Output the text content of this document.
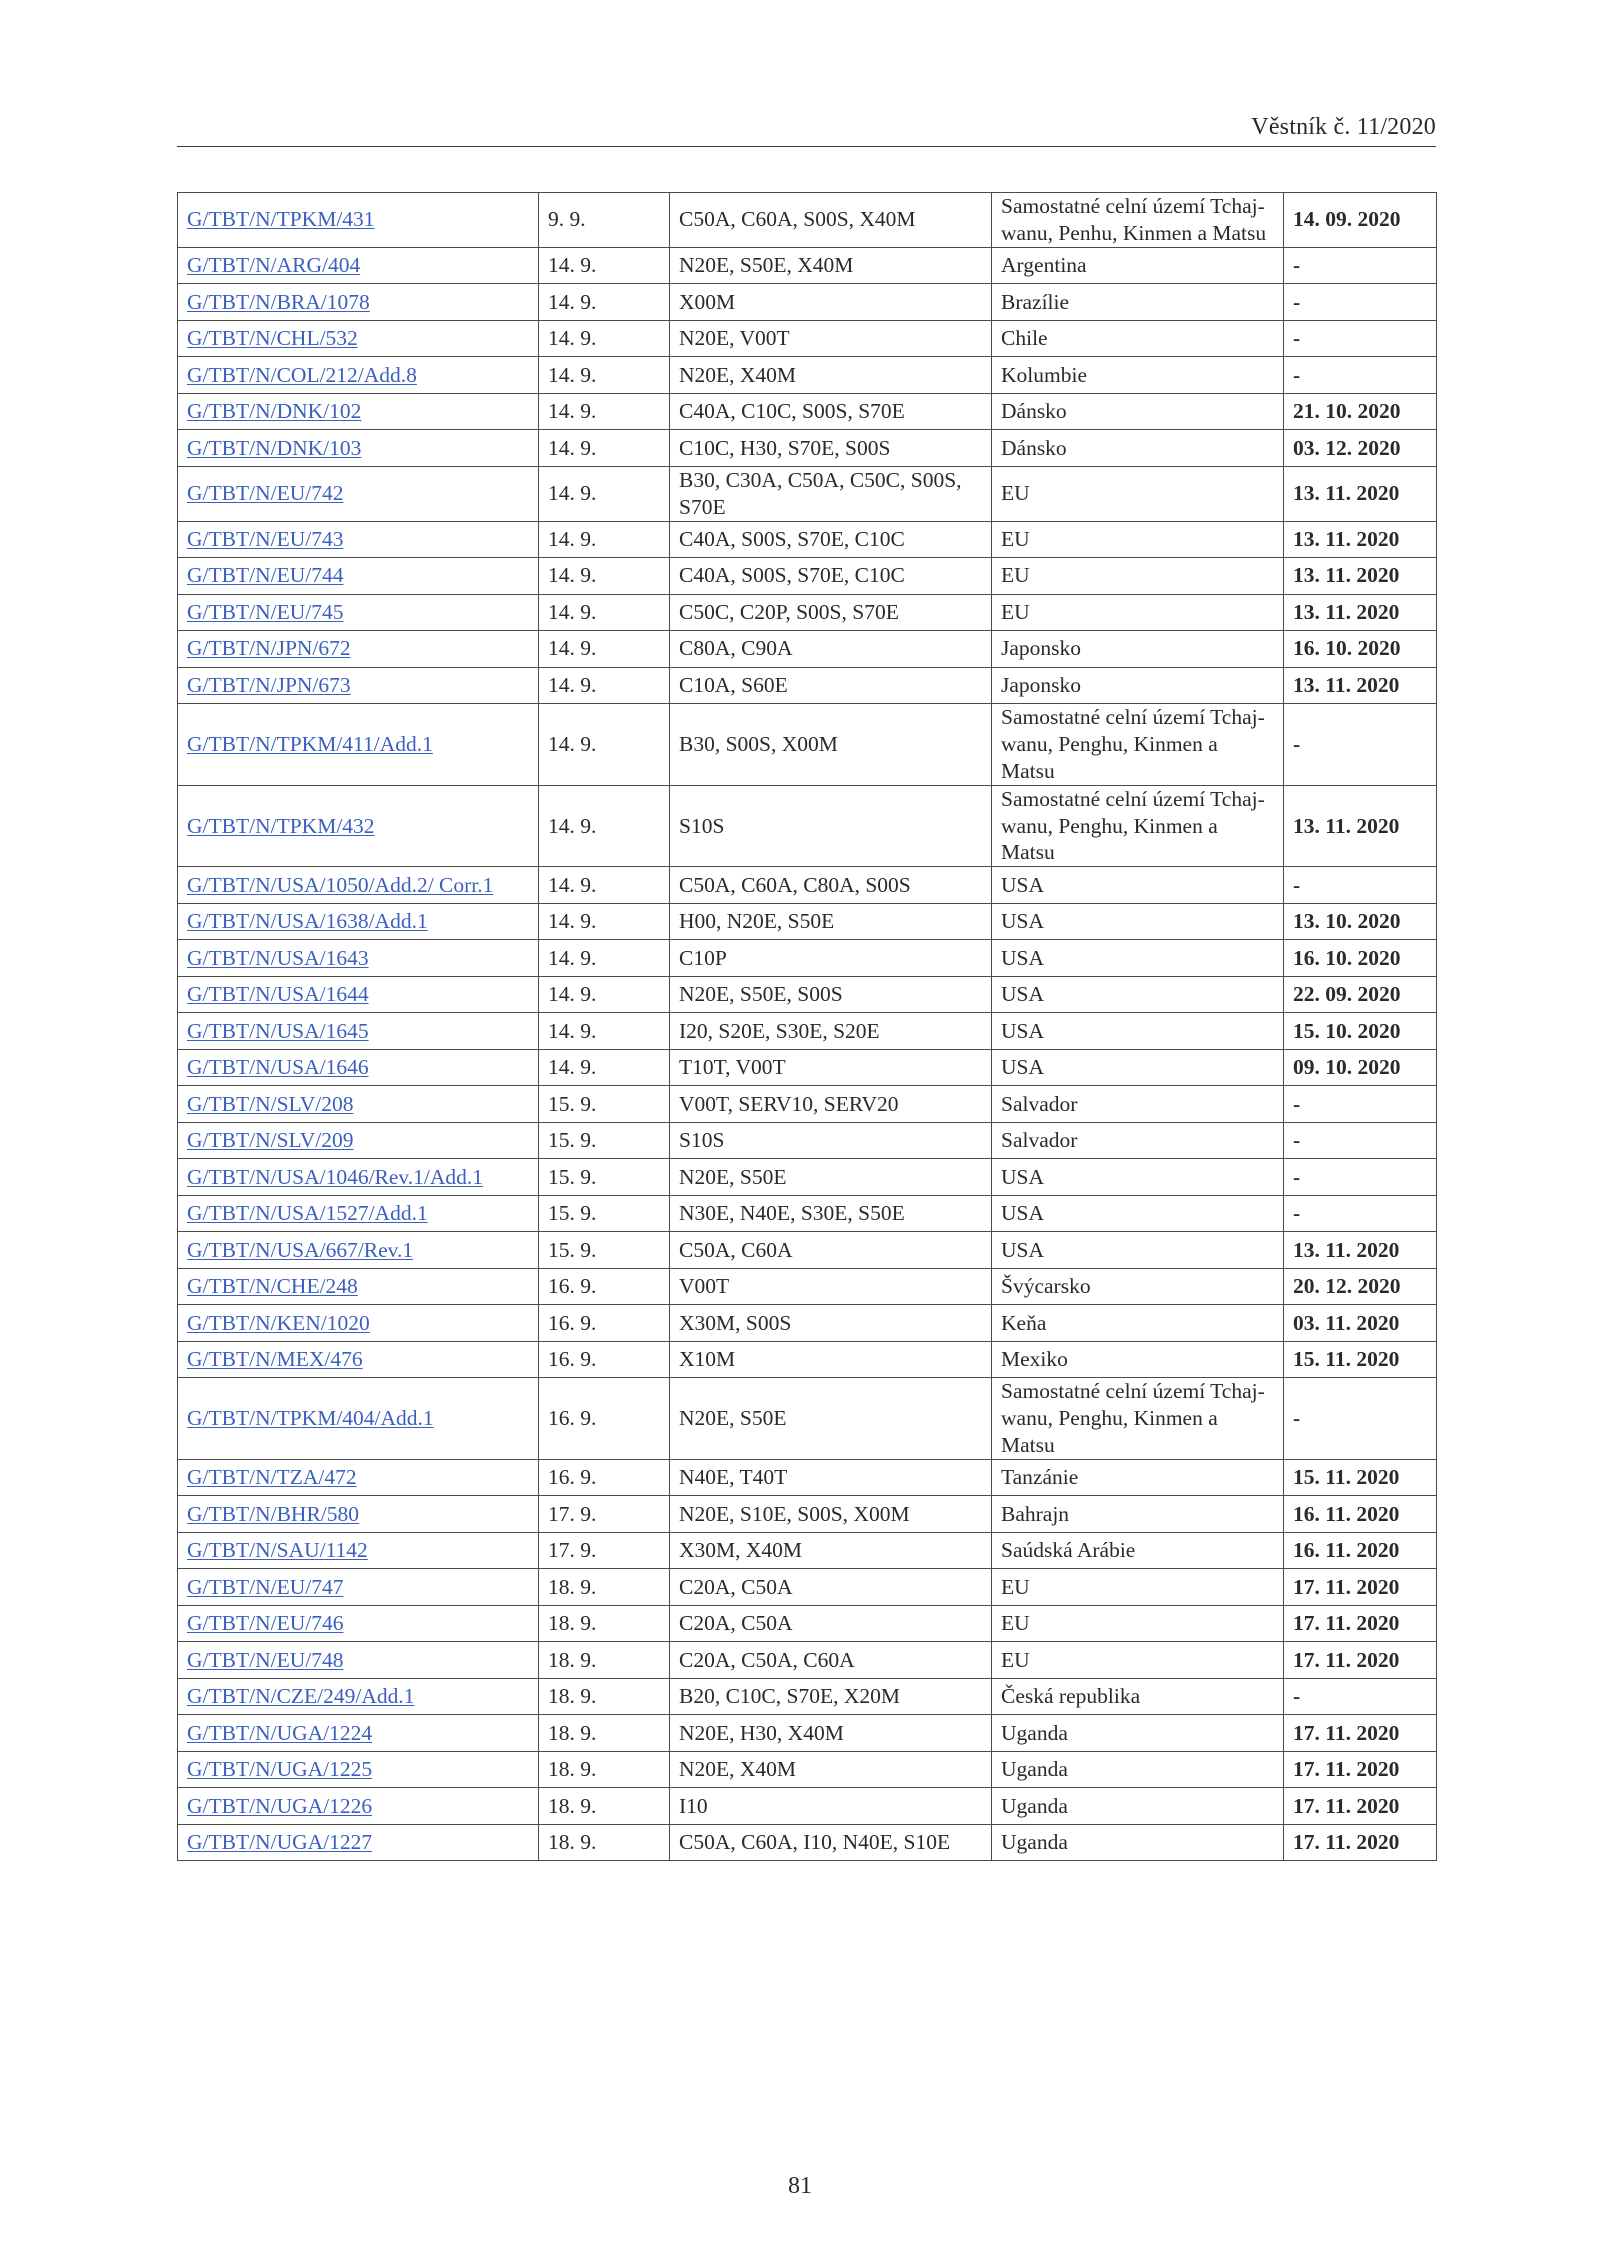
Věstník č. 11/2020
G/TBT/N/TPKM/431	9. 9.	C50A, C60A, S00S, X40M	Samostatné celní území Tchaj-wanu, Penhu, Kinmen a Matsu	14. 09. 2020
G/TBT/N/ARG/404	14. 9.	N20E, S50E, X40M	Argentina	-
G/TBT/N/BRA/1078	14. 9.	X00M	Brazílie	-
G/TBT/N/CHL/532	14. 9.	N20E, V00T	Chile	-
G/TBT/N/COL/212/Add.8	14. 9.	N20E, X40M	Kolumbie	-
G/TBT/N/DNK/102	14. 9.	C40A, C10C, S00S, S70E	Dánsko	21. 10. 2020
G/TBT/N/DNK/103	14. 9.	C10C, H30, S70E, S00S	Dánsko	03. 12. 2020
G/TBT/N/EU/742	14. 9.	B30, C30A, C50A, C50C, S00S, S70E	EU	13. 11. 2020
G/TBT/N/EU/743	14. 9.	C40A, S00S, S70E, C10C	EU	13. 11. 2020
G/TBT/N/EU/744	14. 9.	C40A, S00S, S70E, C10C	EU	13. 11. 2020
G/TBT/N/EU/745	14. 9.	C50C, C20P, S00S, S70E	EU	13. 11. 2020
G/TBT/N/JPN/672	14. 9.	C80A, C90A	Japonsko	16. 10. 2020
G/TBT/N/JPN/673	14. 9.	C10A, S60E	Japonsko	13. 11. 2020
G/TBT/N/TPKM/411/Add.1	14. 9.	B30, S00S, X00M	Samostatné celní území Tchaj-wanu, Penghu, Kinmen a Matsu	-
G/TBT/N/TPKM/432	14. 9.	S10S	Samostatné celní území Tchaj-wanu, Penghu, Kinmen a Matsu	13. 11. 2020
G/TBT/N/USA/1050/Add.2/ Corr.1	14. 9.	C50A, C60A, C80A, S00S	USA	-
G/TBT/N/USA/1638/Add.1	14. 9.	H00, N20E, S50E	USA	13. 10. 2020
G/TBT/N/USA/1643	14. 9.	C10P	USA	16. 10. 2020
G/TBT/N/USA/1644	14. 9.	N20E, S50E, S00S	USA	22. 09. 2020
G/TBT/N/USA/1645	14. 9.	I20, S20E, S30E, S20E	USA	15. 10. 2020
G/TBT/N/USA/1646	14. 9.	T10T, V00T	USA	09. 10. 2020
G/TBT/N/SLV/208	15. 9.	V00T, SERV10, SERV20	Salvador	-
G/TBT/N/SLV/209	15. 9.	S10S	Salvador	-
G/TBT/N/USA/1046/Rev.1/Add.1	15. 9.	N20E, S50E	USA	-
G/TBT/N/USA/1527/Add.1	15. 9.	N30E, N40E, S30E, S50E	USA	-
G/TBT/N/USA/667/Rev.1	15. 9.	C50A, C60A	USA	13. 11. 2020
G/TBT/N/CHE/248	16. 9.	V00T	Švýcarsko	20. 12. 2020
G/TBT/N/KEN/1020	16. 9.	X30M, S00S	Keňa	03. 11. 2020
G/TBT/N/MEX/476	16. 9.	X10M	Mexiko	15. 11. 2020
G/TBT/N/TPKM/404/Add.1	16. 9.	N20E, S50E	Samostatné celní území Tchaj-wanu, Penghu, Kinmen a Matsu	-
G/TBT/N/TZA/472	16. 9.	N40E, T40T	Tanzánie	15. 11. 2020
G/TBT/N/BHR/580	17. 9.	N20E, S10E, S00S, X00M	Bahrajn	16. 11. 2020
G/TBT/N/SAU/1142	17. 9.	X30M, X40M	Saúdská Arábie	16. 11. 2020
G/TBT/N/EU/747	18. 9.	C20A, C50A	EU	17. 11. 2020
G/TBT/N/EU/746	18. 9.	C20A, C50A	EU	17. 11. 2020
G/TBT/N/EU/748	18. 9.	C20A, C50A, C60A	EU	17. 11. 2020
G/TBT/N/CZE/249/Add.1	18. 9.	B20, C10C, S70E, X20M	Česká republika	-
G/TBT/N/UGA/1224	18. 9.	N20E, H30, X40M	Uganda	17. 11. 2020
G/TBT/N/UGA/1225	18. 9.	N20E, X40M	Uganda	17. 11. 2020
G/TBT/N/UGA/1226	18. 9.	I10	Uganda	17. 11. 2020
G/TBT/N/UGA/1227	18. 9.	C50A, C60A, I10, N40E, S10E	Uganda	17. 11. 2020
81
